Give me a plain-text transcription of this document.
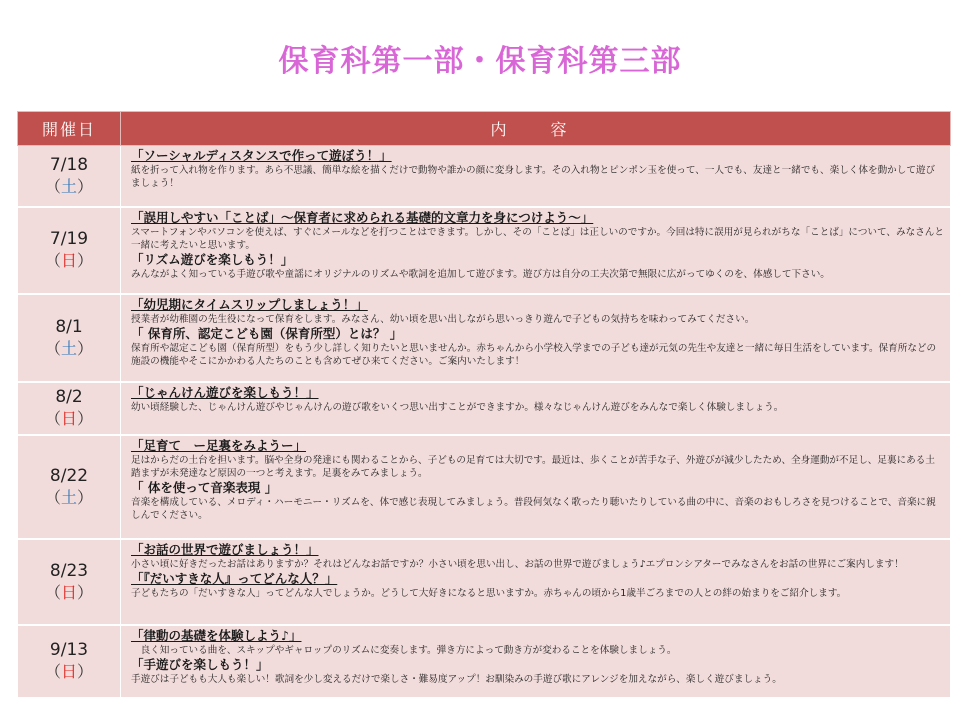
保育科第一部・保育科第三部
開催日	内　容
7/18
（土）	「ソーシャルディスタンスで作って遊ぼう！」
紙を折って入れ物を作ります。あら不思議、簡単な絵を描くだけで動物や誰かの顔に変身します。その入れ物とピンポン玉を使って、一人でも、友達と一緒でも、楽しく体を動かして遊びましょう！

7/19
（日）	「誤用しやすい「ことば」～保育者に求められる基礎的文章力を身につけよう～」
スマートフォンやパソコンを使えば、すぐにメールなどを打つことはできます。しかし、その「ことば」は正しいのですか。今回は特に誤用が見られがちな「ことば」について、みなさんと一緒に考えたいと思います。
「リズム遊びを楽しもう！」
みんながよく知っている手遊び歌や童謡にオリジナルのリズムや歌詞を追加して遊びます。遊び方は自分の工夫次第で無限に広がってゆくのを、体感して下さい。

8/1
（土）	「幼児期にタイムスリップしましょう！」
授業者が幼稚園の先生役になって保育をします。みなさん、幼い頃を思い出しながら思いっきり遊んで子どもの気持ちを味わってみてください。
「 保育所、認定こども園（保育所型）とは？ 」
保育所や認定こども園（保育所型）をもう少し詳しく知りたいと思いませんか。赤ちゃんから小学校入学までの子ども達が元気の先生や友達と一緒に毎日生活をしています。保育所などの施設の機能やそこにかかわる人たちのことも含めてぜひ来てください。ご案内いたします！

8/2
（日）	「じゃんけん遊びを楽しもう！」
幼い頃経験した、じゃんけん遊びやじゃんけんの遊び歌をいくつ思い出すことができますか。様々なじゃんけん遊びをみんなで楽しく体験しましょう。

8/22
（土）	「足育て　ー足裏をみようー」
足はからだの土台を担います。脳や全身の発達にも関わることから、子どもの足育ては大切です。最近は、歩くことが苦手な子、外遊びが減少したため、全身運動が不足し、足裏にある土踏まずが未発達など原因の一つと考えます。足裏をみてみましょう。
「 体を使って音楽表現 」
音楽を構成している、メロディ・ハーモニー・リズムを、体で感じ表現してみましょう。普段何気なく歌ったり聴いたりしている曲の中に、音楽のおもしろさを見つけることで、音楽に親しんでください。

8/23
（日）	「お話の世界で遊びましょう！」
小さい頃に好きだったお話はありますか？それはどんなお話ですか？小さい頃を思い出し、お話の世界で遊びましょう♪エプロンシアターでみなさんをお話の世界にご案内します！
「『だいすきな人』ってどんな人？」
子どもたちの「だいすきな人」ってどんな人でしょうか。どうして大好きになると思いますか。赤ちゃんの頃から1歳半ごろまでの人との絆の始まりをご紹介します。

9/13
（日）	「律動の基礎を体験しよう♪」
　良く知っている曲を、スキップやギャロップのリズムに変奏します。弾き方によって動き方が変わることを体験しましょう。
「手遊びを楽しもう！」
手遊びは子どもも大人も楽しい！歌詞を少し変えるだけで楽しさ・難易度アップ！お馴染みの手遊び歌にアレンジを加えながら、楽しく遊びましょう。
